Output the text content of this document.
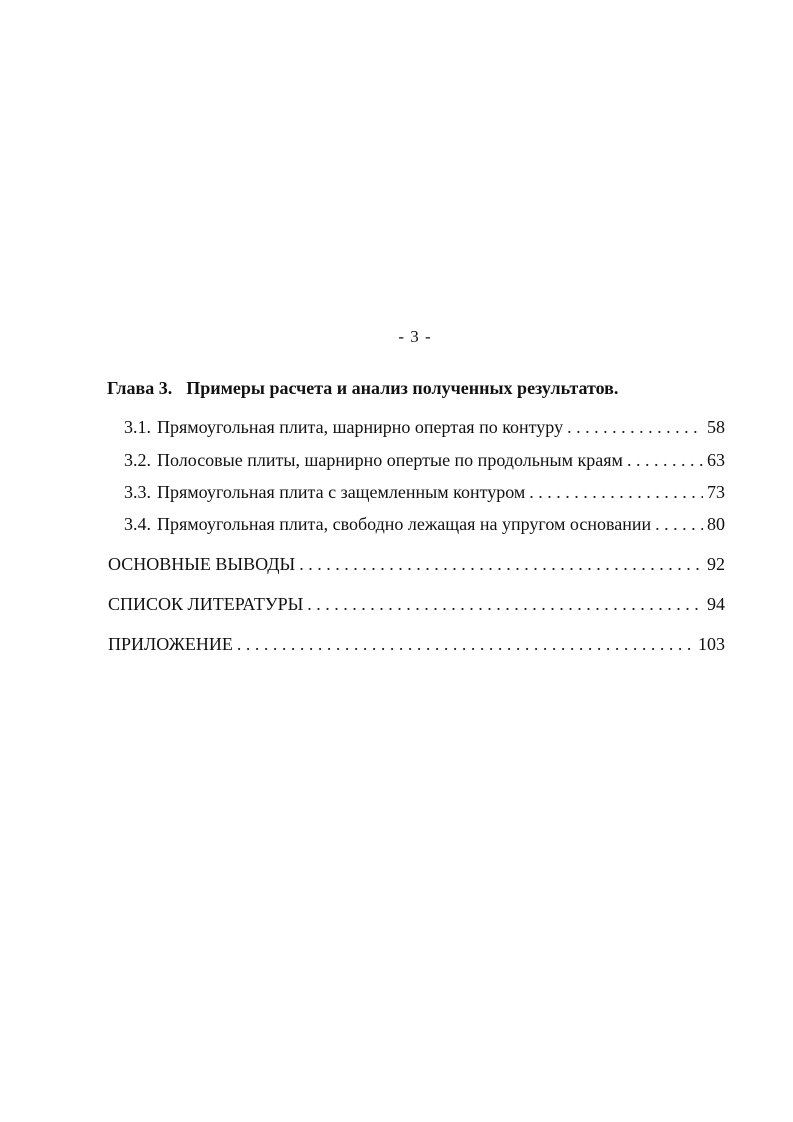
- 3 -
Глава 3. Примеры расчета и анализ полученных результатов.
3.1. Прямоугольная плита, шарнирно опертая по контуру . . .	58
3.2. Полосовые плиты, шарнирно опертые по продольным краям . . .	63
3.3. Прямоугольная плита с защемленным контуром . . .	73
3.4. Прямоугольная плита, свободно лежащая на упругом основании . . .	80
ОСНОВНЫЕ ВЫВОДЫ . . .	92
СПИСОК ЛИТЕРАТУРЫ . . .	94
ПРИЛОЖЕНИЕ . . .	103
